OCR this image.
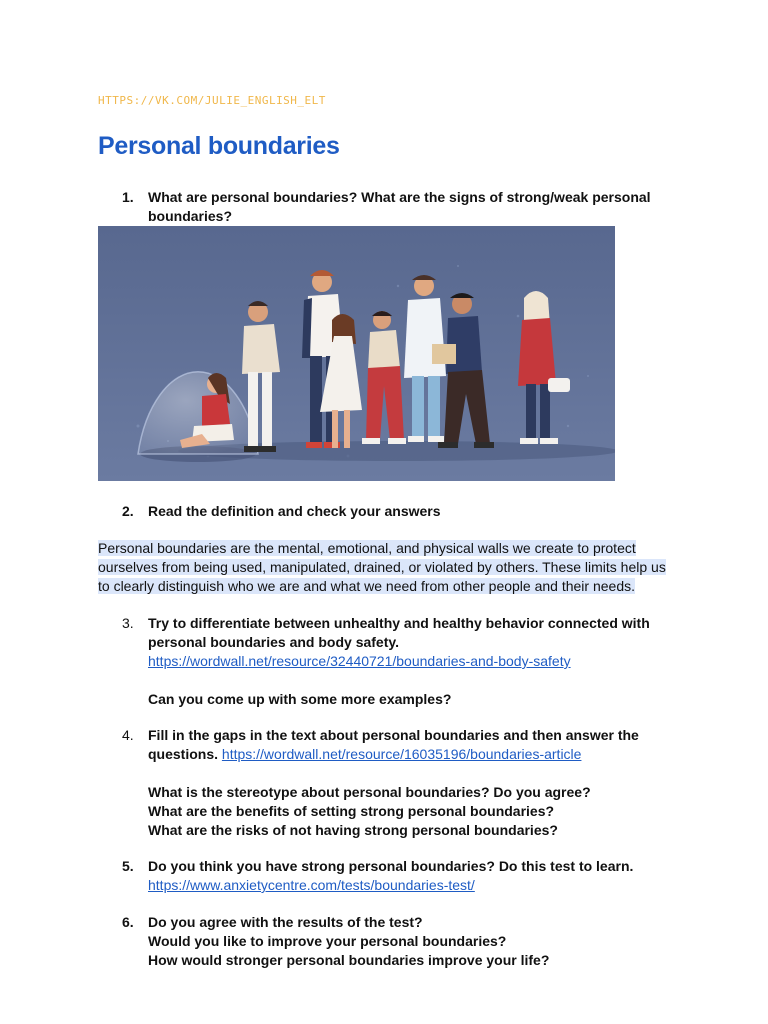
HTTPS://VK.COM/JULIE_ENGLISH_ELT
Personal boundaries
1.	What are personal boundaries? What are the signs of strong/weak personal boundaries?
2.	Read the definition and check your answers
Personal boundaries are the mental, emotional, and physical walls we create to protect
ourselves from being used, manipulated, drained, or violated by others. These limits help us
to clearly distinguish who we are and what we need from other people and their needs.
3.	Try to differentiate between unhealthy and healthy behavior connected with personal boundaries and body safety.
https://wordwall.net/resource/32440721/boundaries-and-body-safety
Can you come up with some more examples?
4.	Fill in the gaps in the text about personal boundaries and then answer the questions. https://wordwall.net/resource/16035196/boundaries-article
What is the stereotype about personal boundaries? Do you agree?
What are the benefits of setting strong personal boundaries?
What are the risks of not having strong personal boundaries?
5.	Do you think you have strong personal boundaries? Do this test to learn.
https://www.anxietycentre.com/tests/boundaries-test/
6.	Do you agree with the results of the test?
Would you like to improve your personal boundaries?
How would stronger personal boundaries improve your life?
